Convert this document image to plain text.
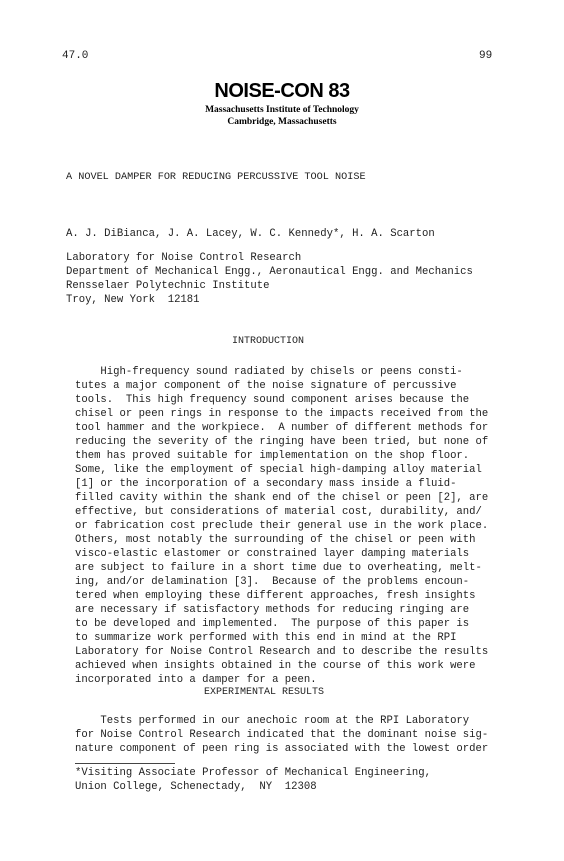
47.0	99
NOISE-CON 83
Massachusetts Institute of Technology
Cambridge, Massachusetts
A NOVEL DAMPER FOR REDUCING PERCUSSIVE TOOL NOISE
A. J. DiBianca, J. A. Lacey, W. C. Kennedy*, H. A. Scarton
Laboratory for Noise Control Research
Department of Mechanical Engg., Aeronautical Engg. and Mechanics
Rensselaer Polytechnic Institute
Troy, New York  12181
INTRODUCTION
High-frequency sound radiated by chisels or peens consti-
tutes a major component of the noise signature of percussive
tools.  This high frequency sound component arises because the
chisel or peen rings in response to the impacts received from the
tool hammer and the workpiece.  A number of different methods for
reducing the severity of the ringing have been tried, but none of
them has proved suitable for implementation on the shop floor.
Some, like the employment of special high-damping alloy material
[1] or the incorporation of a secondary mass inside a fluid-
filled cavity within the shank end of the chisel or peen [2], are
effective, but considerations of material cost, durability, and/
or fabrication cost preclude their general use in the work place.
Others, most notably the surrounding of the chisel or peen with
visco-elastic elastomer or constrained layer damping materials
are subject to failure in a short time due to overheating, melt-
ing, and/or delamination [3].  Because of the problems encoun-
tered when employing these different approaches, fresh insights
are necessary if satisfactory methods for reducing ringing are
to be developed and implemented.  The purpose of this paper is
to summarize work performed with this end in mind at the RPI
Laboratory for Noise Control Research and to describe the results
achieved when insights obtained in the course of this work were
incorporated into a damper for a peen.
EXPERIMENTAL RESULTS
Tests performed in our anechoic room at the RPI Laboratory
for Noise Control Research indicated that the dominant noise sig-
nature component of peen ring is associated with the lowest order
*Visiting Associate Professor of Mechanical Engineering,
Union College, Schenectady,  NY  12308
